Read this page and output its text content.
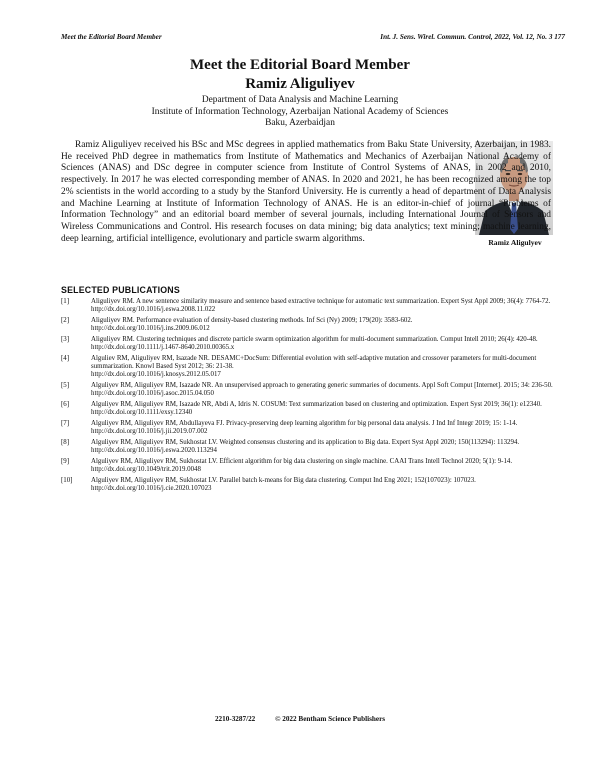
Meet the Editorial Board Member	Int. J. Sens. Wirel. Commun. Control, 2022, Vol. 12, No. 3 177
Meet the Editorial Board Member
Ramiz Aliguliyev
Department of Data Analysis and Machine Learning
Institute of Information Technology, Azerbaijan National Academy of Sciences
Baku, Azerbaidjan
Ramiz Aligulyev

Ramiz Aliguliyev received his BSc and MSc degrees in applied mathematics from Baku State University, Azerbaijan, in 1983. He received PhD degree in mathematics from Institute of Mathematics and Mechanics of Azerbaijan National Academy of Sciences (ANAS) and DSc degree in computer science from Institute of Control Systems of ANAS, in 2002 and 2010, respectively. In 2017 he was elected corresponding member of ANAS. In 2020 and 2021, he has been recognized among the top 2% scientists in the world according to a study by the Stanford University. He is currently a head of department of Data Analysis and Machine Learning at Institute of Information Technology of ANAS. He is an editor-in-chief of journal “Problems of Information Technology” and an editorial board member of several journals, including International Journal of Sensors and Wireless Communications and Control. His research focuses on data mining; big data analytics; text mining; machine learning, deep learning, artificial intelligence, evolutionary and particle swarm algorithms.

SELECTED PUBLICATIONS
[1]	Aliguliyev RM. A new sentence similarity measure and sentence based extractive technique for automatic text summarization. Expert Syst Appl 2009; 36(4): 7764-72.
http://dx.doi.org/10.1016/j.eswa.2008.11.022
[2]	Aliguliyev RM. Performance evaluation of density-based clustering methods. Inf Sci (Ny) 2009; 179(20): 3583-602.
http://dx.doi.org/10.1016/j.ins.2009.06.012
[3]	Aliguliyev RM. Clustering techniques and discrete particle swarm optimization algorithm for multi-document summarization. Comput Intell 2010; 26(4): 420-48.
http://dx.doi.org/10.1111/j.1467-8640.2010.00365.x
[4]	Alguliev RM, Aliguliyev RM, Isazade NR. DESAMC+DocSum: Differential evolution with self-adaptive mutation and crossover parameters for multi-document summarization. Knowl Based Syst 2012; 36: 21-38.
http://dx.doi.org/10.1016/j.knosys.2012.05.017
[5]	Alguliyev RM, Aliguliyev RM, Isazade NR. An unsupervised approach to generating generic summaries of documents. Appl Soft Comput [Internet]. 2015; 34: 236-50.
http://dx.doi.org/10.1016/j.asoc.2015.04.050
[6]	Alguliyev RM, Aliguliyev RM, Isazade NR, Abdi A, Idris N. COSUM: Text summarization based on clustering and optimization. Expert Syst 2019; 36(1): e12340.
http://dx.doi.org/10.1111/exsy.12340
[7]	Alguliyev RM, Aliguliyev RM, Abdullayeva FJ. Privacy-preserving deep learning algorithm for big personal data analysis. J Ind Inf Integr 2019; 15: 1-14.
http://dx.doi.org/10.1016/j.jii.2019.07.002
[8]	Alguliyev RM, Aliguliyev RM, Sukhostat LV. Weighted consensus clustering and its application to Big data. Expert Syst Appl 2020; 150(113294): 113294.
http://dx.doi.org/10.1016/j.eswa.2020.113294
[9]	Alguliyev RM, Aliguliyev RM, Sukhostat LV. Efficient algorithm for big data clustering on single machine. CAAI Trans Intell Technol 2020; 5(1): 9-14.
http://dx.doi.org/10.1049/trit.2019.0048
[10]	Alguliyev RM, Aliguliyev RM, Sukhostat LV. Parallel batch k-means for Big data clustering. Comput Ind Eng 2021; 152(107023): 107023.
http://dx.doi.org/10.1016/j.cie.2020.107023
2210-3287/22	© 2022 Bentham Science Publishers
